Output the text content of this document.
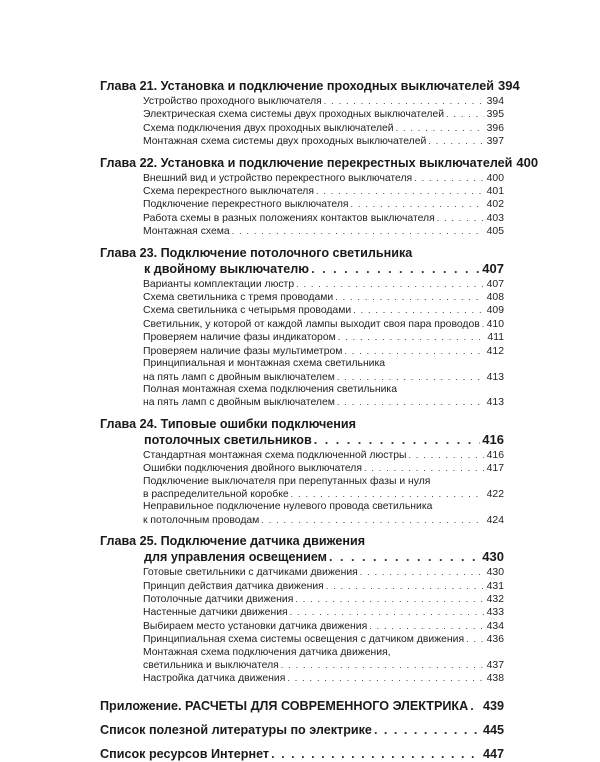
Глава 21. Установка и подключение проходных выключателей 394
Устройство проходного выключателя . . .	394
Электрическая схема системы двух проходных выключателей . . .	395
Схема подключения двух проходных выключателей . . .	396
Монтажная схема системы двух проходных выключателей . . .	397
Глава 22. Установка и подключение перекрестных выключателей 400
Внешний вид и устройство перекрестного выключателя . . .	400
Схема перекрестного выключателя . . .	401
Подключение перекрестного выключателя . . .	402
Работа схемы в разных положениях контактов выключателя . . .	403
Монтажная схема . . .	405
Глава 23. Подключение потолочного светильника
к двойному выключателю . . .	407
Варианты комплектации люстр . . .	407
Схема светильника с тремя проводами . . .	408
Схема светильника с четырьмя проводами . . .	409
Светильник, у которой от каждой лампы выходит своя пара проводов . . . 410
Проверяем наличие фазы индикатором . . .	411
Проверяем наличие фазы мультиметром . . .	412
Принципиальная и монтажная схема светильника
на пять ламп с двойным выключателем . . .	413
Полная монтажная схема подключения светильника
на пять ламп с двойным выключателем . . .	413
Глава 24. Типовые ошибки подключения
потолочных светильников . . .	416
Стандартная монтажная схема подключенной люстры . . .	416
Ошибки подключения двойного выключателя . . .	417
Подключение выключателя при перепутанных фазы и нуля
в распределительной коробке . . .	422
Неправильное подключение нулевого провода светильника
к потолочным проводам . . .	424
Глава 25. Подключение датчика движения
для управления освещением . . .	430
Готовые светильники с датчиками движения . . .	430
Принцип действия датчика движения . . .	431
Потолочные датчики движения . . .	432
Настенные датчики движения . . .	433
Выбираем место установки датчика движения . . .	434
Принципиальная схема системы освещения с датчиком движения . . . 436
Монтажная схема подключения датчика движения,
светильника и выключателя . . .	437
Настройка датчика движения . . .	438
Приложение. РАСЧЕТЫ ДЛЯ СОВРЕМЕННОГО ЭЛЕКТРИКА . . . 439
Список полезной литературы по электрике . . .	445
Список ресурсов Интернет . . .	447
